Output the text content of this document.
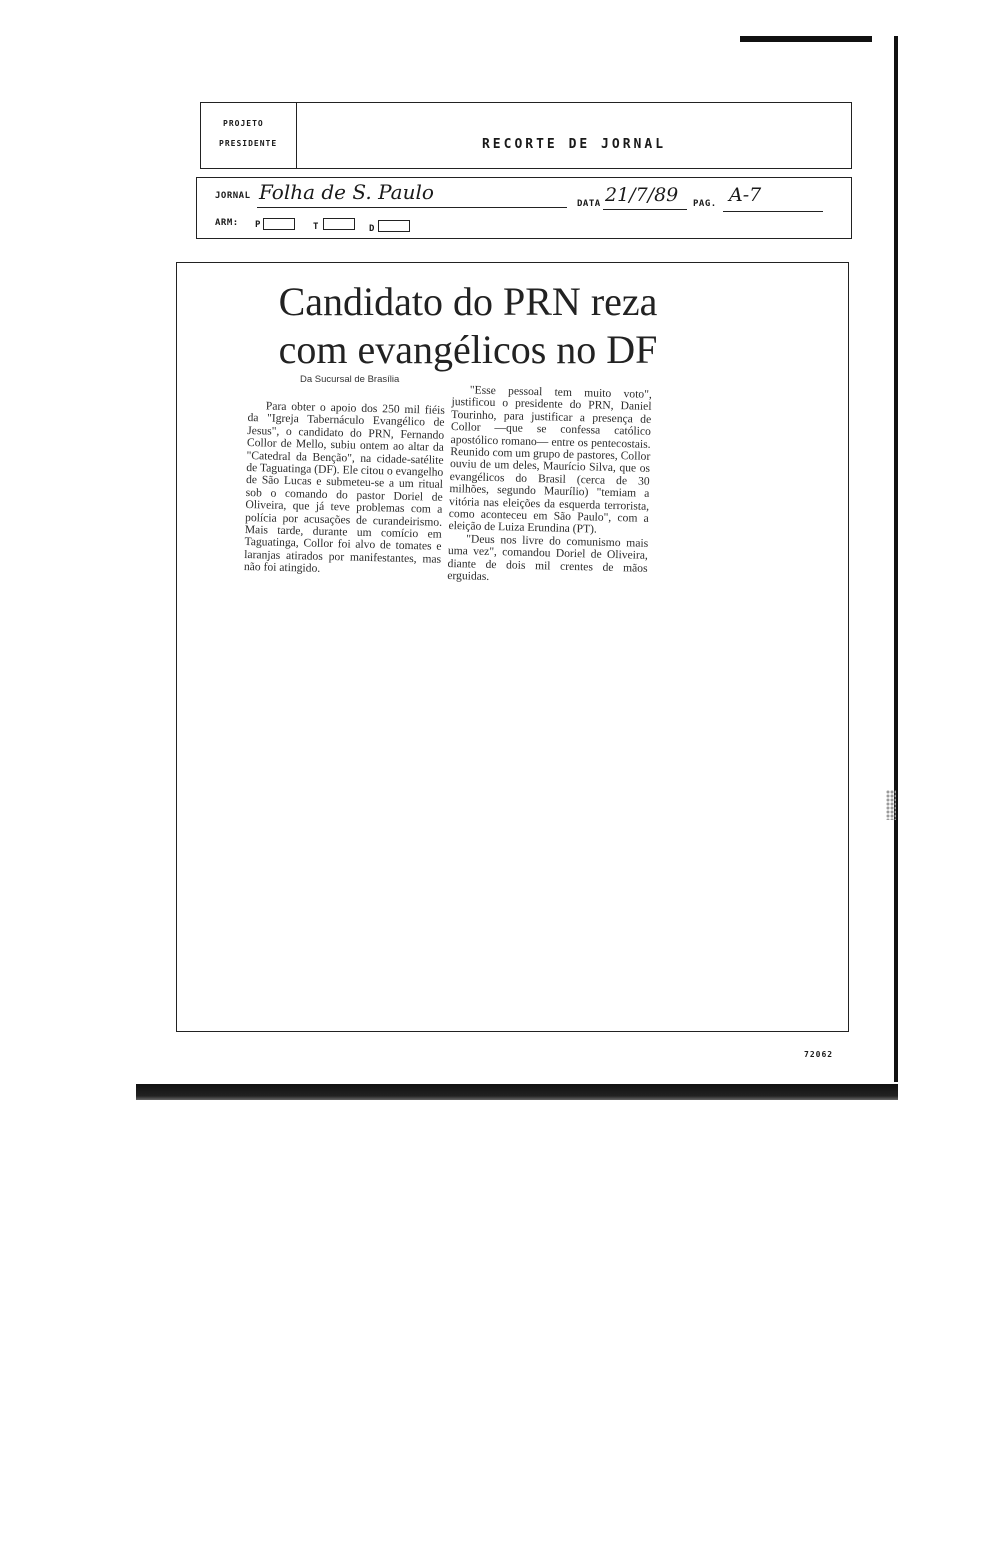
PROJETO
PRESIDENTE	RECORTE DE JORNAL
JORNAL Folha de S. Paulo	DATA 21/7/89 PAG. A-7
ARM: P	T	D
Candidato do PRN reza
com evangélicos no DF
Da Sucursal de Brasília

Para obter o apoio dos 250 mil fiéis da "Igreja Tabernáculo Evangélico de Jesus", o candidato do PRN, Fernando Collor de Mello, subiu ontem ao altar da "Catedral da Benção", na cidade-satélite de Taguatinga (DF). Ele citou o evangelho de São Lucas e submeteu-se a um ritual sob o comando do pastor Doriel de Oliveira, que já teve problemas com a polícia por acusações de curandeirismo. Mais tarde, durante um comício em Taguatinga, Collor foi alvo de tomates e laranjas atirados por manifestantes, mas não foi atingido.

"Esse pessoal tem muito voto", justificou o presidente do PRN, Daniel Tourinho, para justificar a presença de Collor —que se confessa católico apostólico romano— entre os pentecostais. Reunido com um grupo de pastores, Collor ouviu de um deles, Maurício Silva, que os evangélicos do Brasil (cerca de 30 milhões, segundo Maurílio) "temiam a vitória nas eleições da esquerda terrorista, como aconteceu em São Paulo", com a eleição de Luiza Erundina (PT).

"Deus nos livre do comunismo mais uma vez", comandou Doriel de Oliveira, diante de dois mil crentes de mãos erguidas.

72062
